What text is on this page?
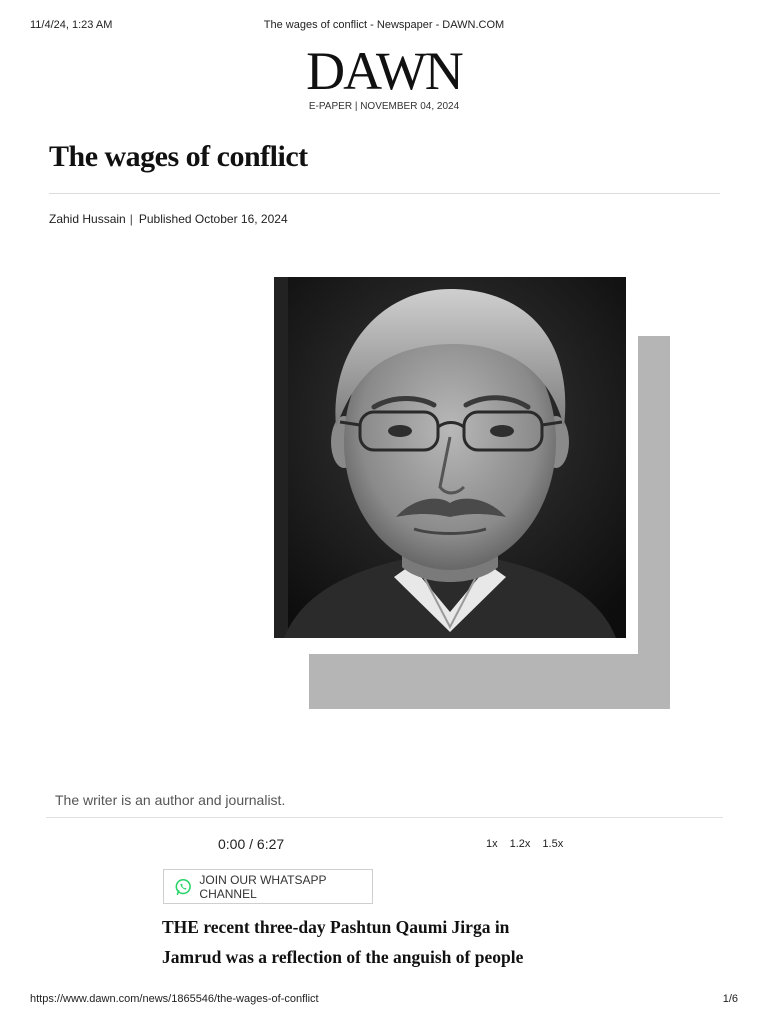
11/4/24, 1:23 AM	The wages of conflict - Newspaper - DAWN.COM
DAWN
E-PAPER | NOVEMBER 04, 2024
The wages of conflict
Zahid Hussain | Published October 16, 2024
The writer is an author and journalist.
0:00 / 6:27	1x 1.2x 1.5x
JOIN OUR WHATSAPP CHANNEL
THE recent three-day Pashtun Qaumi Jirga in
Jamrud was a reflection of the anguish of people
https://www.dawn.com/news/1865546/the-wages-of-conflict	1/6
